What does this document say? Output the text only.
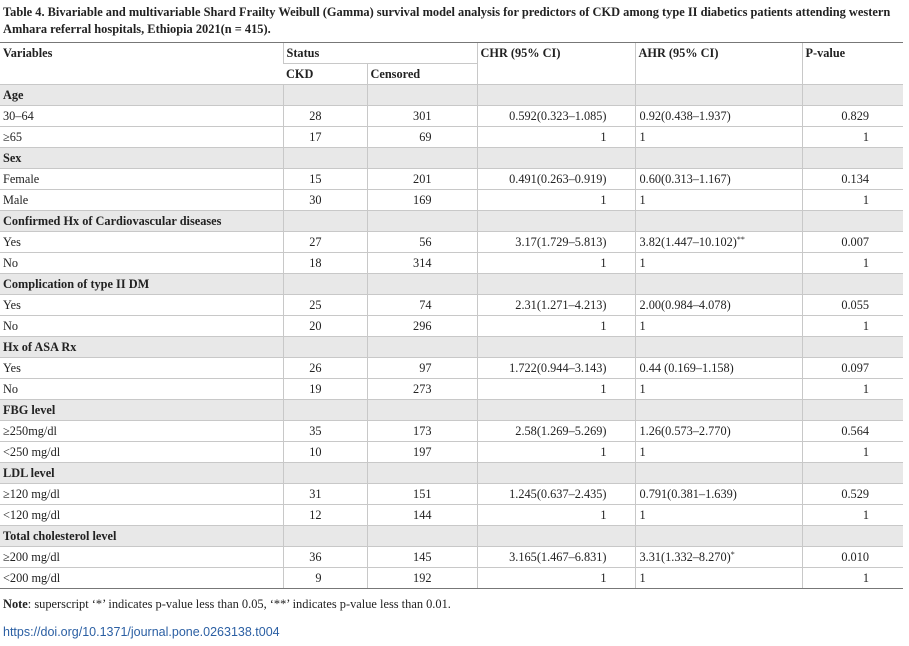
Table 4. Bivariable and multivariable Shard Frailty Weibull (Gamma) survival model analysis for predictors of CKD among type II diabetics patients attending western Amhara referral hospitals, Ethiopia 2021(n = 415).

Variables	Status		CHR (95% CI)	AHR (95% CI)	P-value
	CKD	Censored			
Age					
30–64	28	301	0.592(0.323–1.085)	0.92(0.438–1.937)	0.829
≥65	17	69	1	1	1
Sex					
Female	15	201	0.491(0.263–0.919)	0.60(0.313–1.167)	0.134
Male	30	169	1	1	1
Confirmed Hx of Cardiovascular diseases					
Yes	27	56	3.17(1.729–5.813)	3.82(1.447–10.102)**	0.007
No	18	314	1	1	1
Complication of type II DM					
Yes	25	74	2.31(1.271–4.213)	2.00(0.984–4.078)	0.055
No	20	296	1	1	1
Hx of ASA Rx					
Yes	26	97	1.722(0.944–3.143)	0.44 (0.169–1.158)	0.097
No	19	273	1	1	1
FBG level					
≥250mg/dl	35	173	2.58(1.269–5.269)	1.26(0.573–2.770)	0.564
<250 mg/dl	10	197	1	1	1
LDL level					
≥120 mg/dl	31	151	1.245(0.637–2.435)	0.791(0.381–1.639)	0.529
<120 mg/dl	12	144	1	1	1
Total cholesterol level					
≥200 mg/dl	36	145	3.165(1.467–6.831)	3.31(1.332–8.270)*	0.010
<200 mg/dl	9	192	1	1	1

Note: superscript ‘*’ indicates p-value less than 0.05, ‘**’ indicates p-value less than 0.01.

https://doi.org/10.1371/journal.pone.0263138.t004
